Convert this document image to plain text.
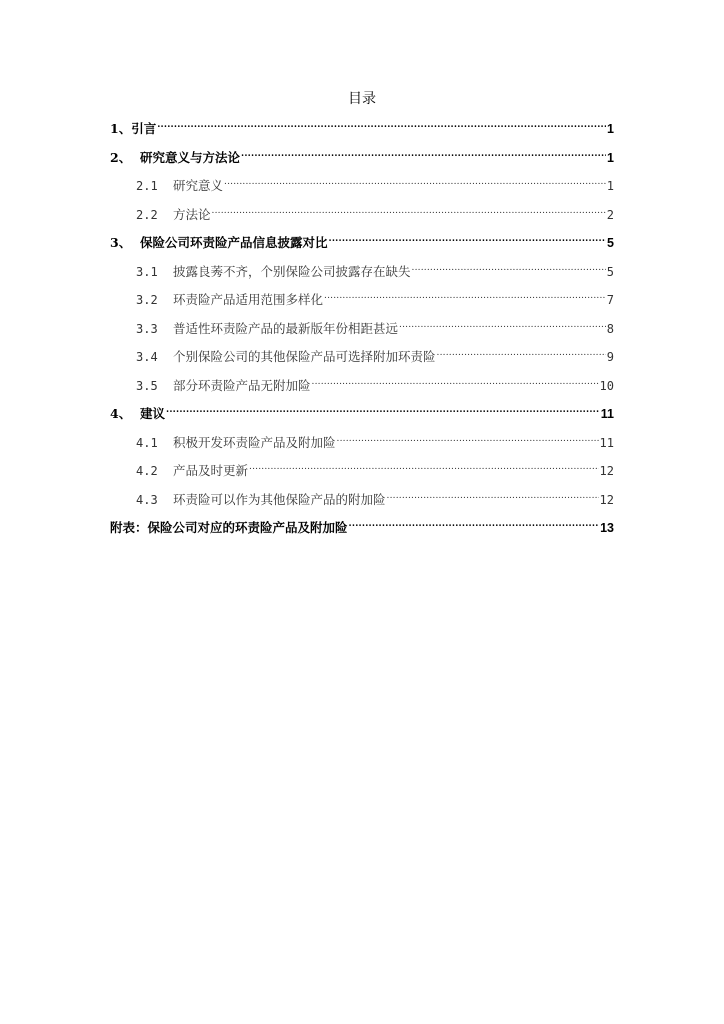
目录
1、 引言 .....	1
2、 研究意义与方法论 .....	1
2.1	研究意义 .....	1
2.2	方法论 .....	2
3、 保险公司环责险产品信息披露对比 .....	5
3.1	披露良莠不齐，个别保险公司披露存在缺失 .....	5
3.2	环责险产品适用范围多样化 .....	7
3.3	普适性环责险产品的最新版年份相距甚远 .....	8
3.4	个别保险公司的其他保险产品可选择附加环责险 .....	9
3.5	部分环责险产品无附加险 .....	10
4、 建议 .....	11
4.1	积极开发环责险产品及附加险 .....	11
4.2	产品及时更新 .....	12
4.3	环责险可以作为其他保险产品的附加险 .....	12
附表： 保险公司对应的环责险产品及附加险 .....	13
